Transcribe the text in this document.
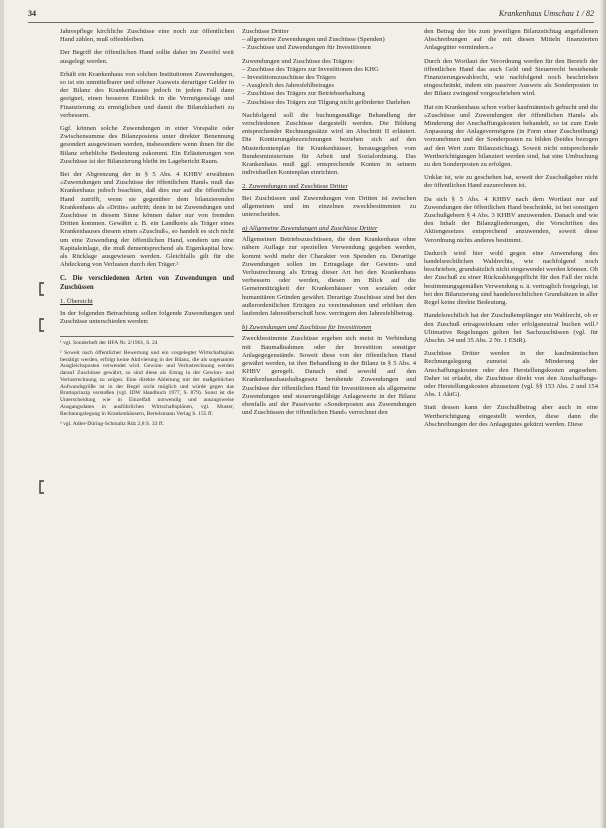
34	Krankenhaus Umschau 1 / 82

Jahrespflege kirchliche Zuschüsse eine noch zur öffentlichen Hand zählen, muß offenbleiben.

Der Begriff der öffentlichen Hand sollte daher im Zweifel weit ausgelegt werden.

Erhält ein Krankenhaus von solchen Institutionen Zuwendungen, so ist ein unmittelbarer und offener Ausweis derartiger Gelder in der Bilanz des Krankenhauses jedoch in jedem Fall dann geeignet, einen besseren Einblick in die Vermögenslage und Finanzierung zu ermöglichen und damit die Bilanzklarheit zu verbessern.

Ggf. können solche Zuwendungen in einer Vorspalte oder Zwischensumme des Bilanzpostens unter direkter Benennung gesondert ausgewiesen werden, insbesondere wenn ihnen für die Bilanz erhebliche Bedeutung zukommt. Ein Erläuterungen von Zuschüsse ist der Bilanzierung bleibt im Lagebericht Raum.

Bei der Abgrenzung der in § 5 Abs. 4 KHBV erwähnten »Zuwendungen und Zuschüsse der öffentlichen Hand« muß das Krankenhaus jedoch beachten, daß dies nur auf die öffentliche Hand zutrifft, wenn sie gegenüber dem bilanzierenden Krankenhaus als »Dritte« auftritt; denn in ist Zuwendungen und Zuschüsse in diesem Sinne können daher nur von fremden Dritten kommen. Gewährt z. B. ein Landkreis als Träger eines Krankenhauses diesem einen »Zuschuß«, so handelt es sich nicht um eine Zuwendung der öffentlichen Hand, sondern um eine Kapitaleinlage, die muß dementsprechend als Eigenkapital bzw. als Rücklage ausgewiesen werden. Gleichfalls gilt für die Abdeckung von Verlusten durch den Träger.²

C. Die verschiedenen Arten von Zuwendungen und Zuschüssen
1. Übersicht

In der folgenden Betrachtung sollen folgende Zuwendungen und Zuschüsse unterschieden werden:

¹ vgl. Sonderheft der HFA Nr. 2/1961, S. 24

² Soweit nach öffentlicher Bewertung und ein vorgelegter Wirtschaftsplan bestätigt werden, erfolgt keine Aktivierung in der Bilanz, die als sogenannte Ausgleichsposten verwendet wird. Gewinn- und Verlustrechnung werden darauf Zuschüsse gewährt, so sind diese als Ertrag in der Gewinn- und Verlustrechnung zu zeigen. Eine direkte Ableitung mit der maßgeblichen Aufwandsgröße ist in der Regel nicht möglich und würde gegen das Bruttoprinzip verstoßen (vgl. IDW Handbuch 1977, S. 879). Sonst ist die Unterscheidung wie in Einzelfall notwendig und auszugsweise Ausgangsdaten in ausführlichen Wirtschaftsplänen, vgl. Muster, Rechnungslegung in Krankenhäusern, Bertelsmann Verlag S. 155 ff.

³ vgl. Adler-Düring-Schmaltz Rdz 2,8 S. 33 ff.

Zuschüsse Dritter

– allgemeine Zuwendungen und Zuschüsse (Spenden)
– Zuschüsse und Zuwendungen für Investitionen

Zuwendungen und Zuschüsse des Trägers:

– Zuschüsse des Trägers zur Investitionen des KHG
– Investitionszuschüsse des Trägers
– Ausgleich des Jahresfehlbetrages
– Zuschüsse des Trägers zur Betriebserhaltung
– Zuschüsse des Trägers zur Tilgung nicht geförderter Darlehen

Nachfolgend soll die buchungsmäßige Behandlung der verschiedenen Zuschüsse dargestellt werden. Die Bildung entsprechender Rechnungssätze wird im Abschnitt II erläutert. Die Kontierungsbezeichnungen beziehen sich auf den Musterkontenplan für Krankenhäuser, herausgegeben vom Bundesministerium für Arbeit und Sozialordnung. Das Krankenhaus muß ggf. entsprechende Konten in seinem individuellen Kontenplan einrichten.

2. Zuwendungen und Zuschüsse Dritter

Bei Zuschüssen und Zuwendungen von Dritten ist zwischen allgemeinen und im einzelnen zweckbestimmten zu unterscheiden.

a) Allgemeine Zuwendungen und Zuschüsse Dritter

Allgemeinen Betriebszuschüssen, die dem Krankenhaus ohne nähere Auflage zur speziellen Verwendung gegeben werden, kommt wohl mehr der Charakter von Spenden zu. Derartige Zuwendungen sollen im Ertragslage der Gewinn- und Verlustrechnung als Ertrag dieser Art bei den Krankenhaus verbessern oder werden, diesen im Blick auf die Gemeinnützigkeit der Krankenhäuser von sozialen oder humanitären Gründen gewährt. Derartige Zuschüsse sind bei den außerordentlichen Erträgen zu vereinnahmen und erhöhen den laufenden Jahresüberschuß bzw. verringern den Jahresfehlbetrag.

b) Zuwendungen und Zuschüsse für Investitionen

Zweckbestimmte Zuschüsse ergeben sich meist in Verbindung mit Baumaßnahmen oder der Investition sonstiger Anlagegegenstände. Soweit diese von der öffentlichen Hand gewährt werden, ist ihre Behandlung in der Bilanz in § 5 Abs. 4 KHBV geregelt. Danach sind sowohl auf den Krankenhaushaushaltsgesetz beruhende Zuwendungen und Zuschüsse der öffentlichen Hand für Investitionen als allgemeine Zuwendungen und steuerungsfähige Anlagewerte in der Bilanz ebenfalls auf der Passivseite »Sonderposten aus Zuwendungen und Zuschüssen der öffentlichen Hand« verrechnet den

den Betrag der bis zum jeweiligen Bilanzstichtag angefallenen Abschreibungen auf die mit diesen Mitteln finanzierten Anlagegüter vermindern.«

Durch den Wortlaut der Verordnung werden für den Bereich der öffentlichen Hand das auch Geld und Steuerrecht bestehende Finanzierungswahlrecht, wie nachfolgend noch beschrieben eingeschränkt, indem ein passiver Ausweis als Sonderposten in der Bilanz zwingend vorgeschrieben wird.

Hat ein Krankenhaus schon vorher kaufmännisch gebucht und die »Zuschüsse und Zuwendungen der öffentlichen Hand« als Minderung der Anschaffungskosten behandelt, so ist zum Ende Anpassung der Anlagevermögens (in Form einer Zuschreibung) vorzunehmen und der Sonderposten zu bilden (beides bezogen auf den Wert zum Bilanzstichtag). Soweit nicht entsprechende Wertberichtigungen bilanziert werden sind, hat eine Umbuchung zu den Sonderposten zu erfolgen.

Unklar ist, wie zu geschehen hat, soweit der Zuschußgeber nicht der öffentlichen Hand zuzurechnen ist.

Da sich § 5 Abs. 4 KHBV nach dem Wortlaut nur auf Zuwendungen der öffentlichen Hand beschränkt, ist bei sonstigen Zuschußgebern § 4 Abs. 3 KHBV anzuwenden. Danach und wie den Inhalt der Bilanzgliederungen, die Vorschriften des Aktiengesetzes entsprechend anzuwenden, soweit diese Verordnung nichts anderes bestimmt.

Dadurch wird hier wohl gegen eine Anwendung des handelsrechtlichen Wahlrechts, wie nachfolgend noch beschrieben, grundsätzlich nicht eingewendet werden können. Ob der Zuschuß zu einer Rückzahlungspflicht für den Fall der nicht bestimmungsgemäßen Verwendung u. ä. vertraglich festgelegt, ist bei den Bilanzierung sind handelsrechtlichen Grundsätzen in aller Regel keine direkte Bedeutung.

Handelsrechtlich hat der Zuschußempfänger ein Wahlrecht, ob er den Zuschuß ertragswirksam oder erfolgsneutral buchen will.³ Ultimative Regelungen gelten bei Sachzuschüssen (vgl. für Abschn. 34 und 35 Abs. 2 Nr. 1 EStR).

Zuschüsse Dritter werden in der kaufmännischen Rechnungslegung zumeist als Minderung der Anschaffungskosten oder den Herstellungskosten angesehen. Daher ist erlaubt, die Zuschüsse direkt von den Anschaffungs- oder Herstellungskosten abzusetzen (vgl. §§ 153 Abs. 2 und 154 Abs. 1 AktG).

Statt dessen kann der Zuschußbetrag aber auch in eine Wertberichtigung eingestellt werden, diese dann die Abschreibungen der des Anlagegutes gekürzt werden. Diese
